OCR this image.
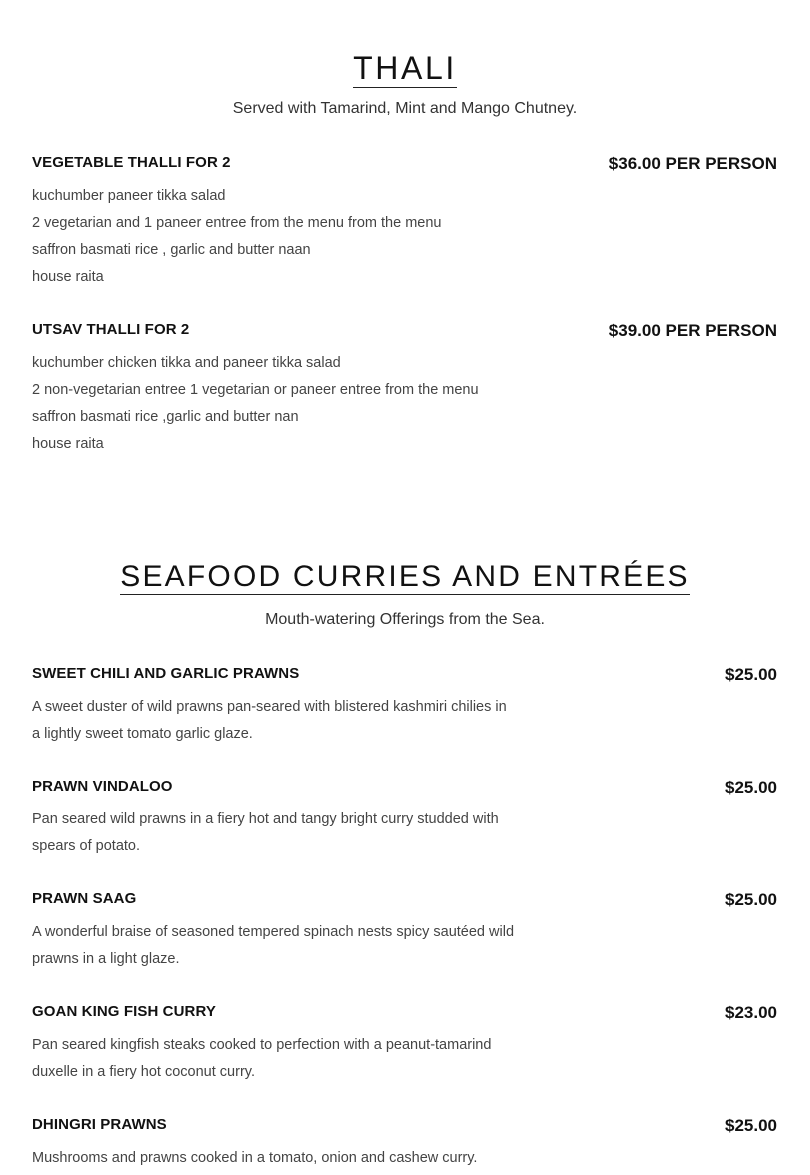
THALI
Served with Tamarind, Mint and Mango Chutney.
VEGETABLE THALLI FOR 2	$36.00 PER PERSON
kuchumber paneer tikka salad
2 vegetarian and 1 paneer entree from the menu from the menu
saffron basmati rice , garlic and butter naan
house raita
UTSAV THALLI FOR 2	$39.00 PER PERSON
kuchumber chicken tikka and paneer tikka salad
2 non-vegetarian entree 1 vegetarian or paneer entree from the menu
saffron basmati rice ,garlic and butter nan
house raita
SEAFOOD CURRIES AND ENTRÉES
Mouth-watering Offerings from the Sea.
SWEET CHILI AND GARLIC PRAWNS	$25.00
A sweet duster of wild prawns pan-seared with blistered kashmiri chilies in
a lightly sweet tomato garlic glaze.
PRAWN VINDALOO	$25.00
Pan seared wild prawns in a fiery hot and tangy bright curry studded with
spears of potato.
PRAWN SAAG	$25.00
A wonderful braise of seasoned tempered spinach nests spicy sautéed wild
prawns in a light glaze.
GOAN KING FISH CURRY	$23.00
Pan seared kingfish steaks cooked to perfection with a peanut-tamarind
duxelle in a fiery hot coconut curry.
DHINGRI PRAWNS	$25.00
Mushrooms and prawns cooked in a tomato, onion and cashew curry.
